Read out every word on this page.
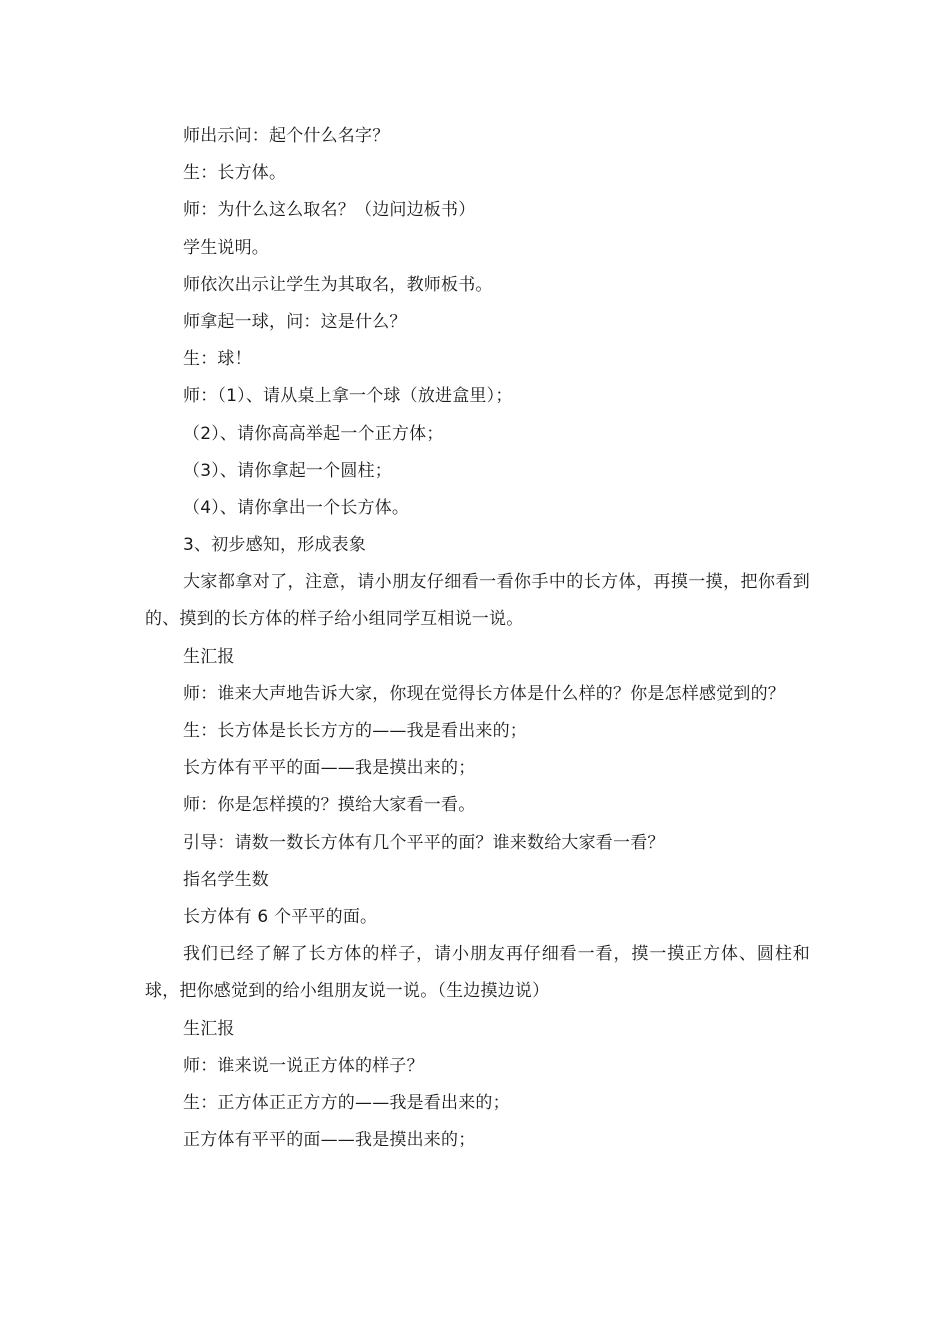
师出示问：起个什么名字？
生：长方体。
师：为什么这么取名？（边问边板书）
学生说明。
师依次出示让学生为其取名，教师板书。
师拿起一球，问：这是什么？
生：球！
师：（1）、请从桌上拿一个球（放进盒里）；
（2）、请你高高举起一个正方体；
（3）、请你拿起一个圆柱；
（4）、请你拿出一个长方体。
3、初步感知，形成表象
大家都拿对了，注意，请小朋友仔细看一看你手中的长方体，再摸一摸，把你看到的、摸到的长方体的样子给小组同学互相说一说。
生汇报
师：谁来大声地告诉大家，你现在觉得长方体是什么样的？你是怎样感觉到的？
生：长方体是长长方方的——我是看出来的；
长方体有平平的面——我是摸出来的；
师：你是怎样摸的？摸给大家看一看。
引导：请数一数长方体有几个平平的面？谁来数给大家看一看？
指名学生数
长方体有 6 个平平的面。
我们已经了解了长方体的样子，请小朋友再仔细看一看，摸一摸正方体、圆柱和球，把你感觉到的给小组朋友说一说。（生边摸边说）
生汇报
师：谁来说一说正方体的样子？
生：正方体正正方方的——我是看出来的；
正方体有平平的面——我是摸出来的；
